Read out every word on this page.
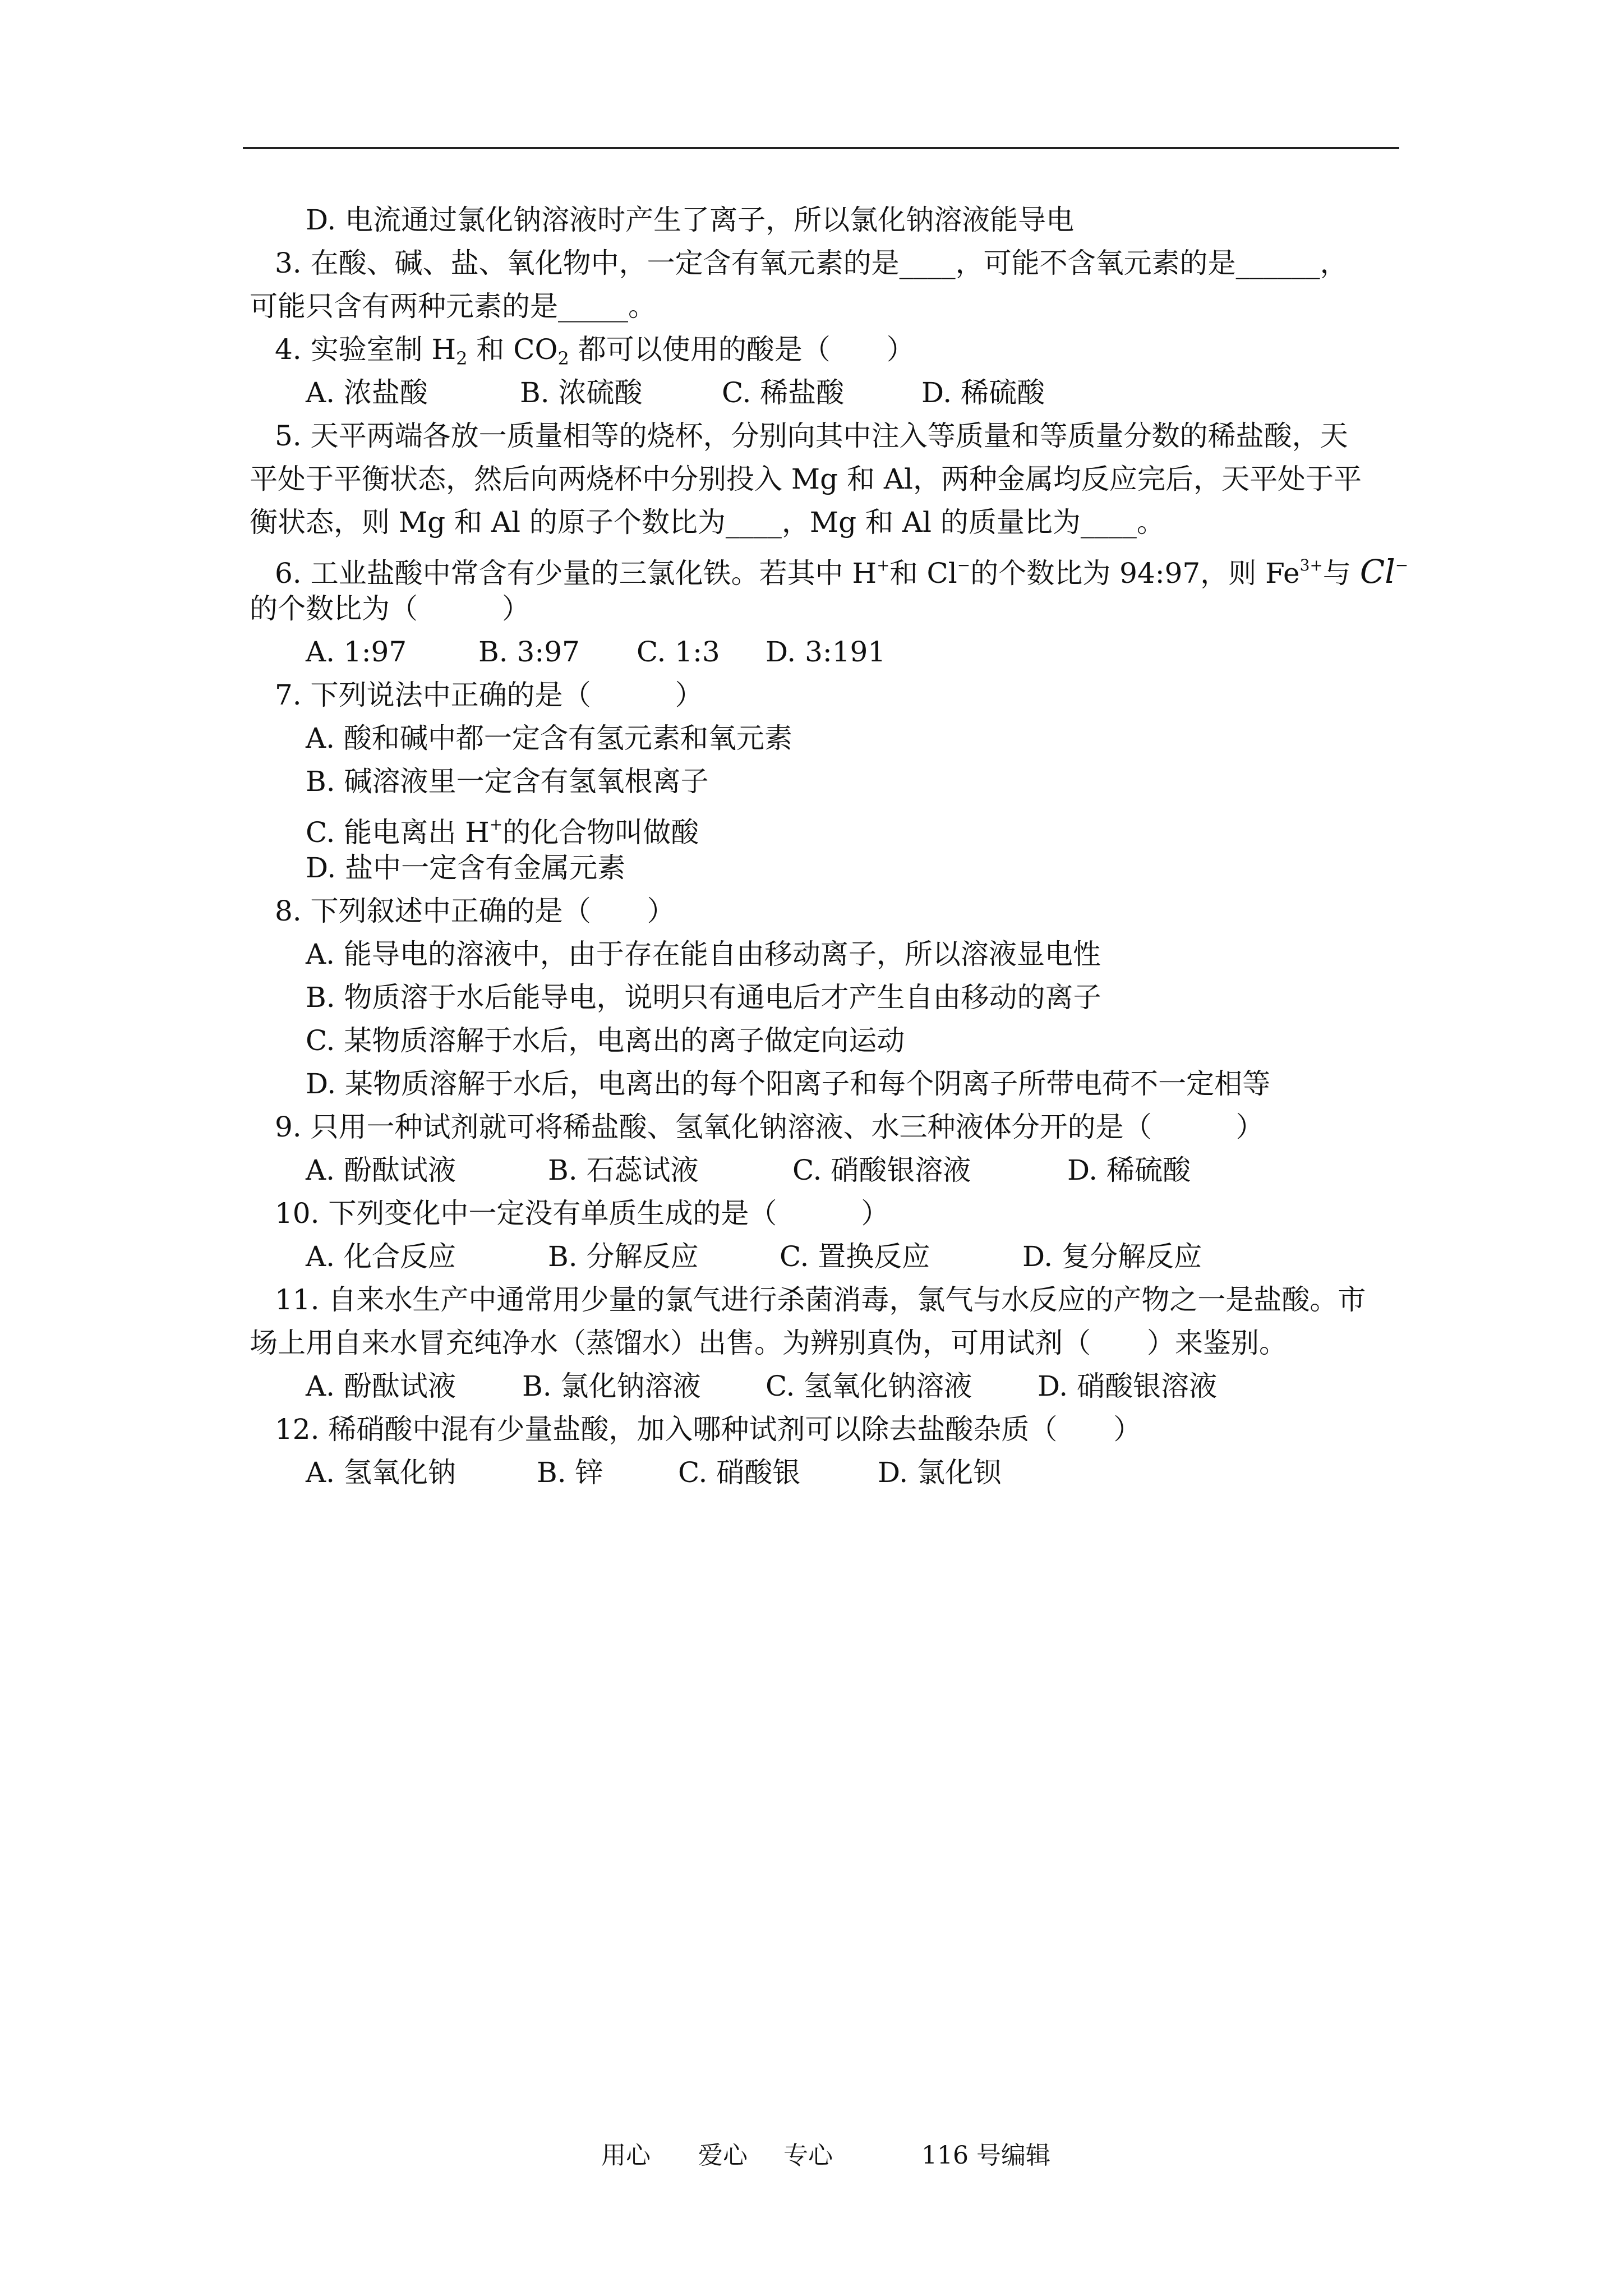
D. 电流通过氯化钠溶液时产生了离子，所以氯化钠溶液能导电
3. 在酸、碱、盐、氧化物中，一定含有氧元素的是____，可能不含氧元素的是______，
可能只含有两种元素的是_____。
4. 实验室制 $H_2$ 和 $CO_2$ 都可以使用的酸是（　　）
A. 浓盐酸	B. 浓硫酸	C. 稀盐酸	D. 稀硫酸
5. 天平两端各放一质量相等的烧杯，分别向其中注入等质量和等质量分数的稀盐酸，天
平处于平衡状态，然后向两烧杯中分别投入 Mg 和 Al，两种金属均反应完后，天平处于平
衡状态，则 Mg 和 Al 的原子个数比为____，Mg 和 Al 的质量比为____。
6. 工业盐酸中常含有少量的三氯化铁。若其中 H+和 Cl−的个数比为 94:97，则 $Fe^{3+}$与 Cl−
的个数比为（　　　）
A. 1:97	B. 3:97 C. 1:3 D. 3:191
7. 下列说法中正确的是（　　　）
A. 酸和碱中都一定含有氢元素和氧元素
B. 碱溶液里一定含有氢氧根离子
C. 能电离出 H+的化合物叫做酸
D. 盐中一定含有金属元素
8. 下列叙述中正确的是（　　）
A. 能导电的溶液中，由于存在能自由移动离子，所以溶液显电性
B. 物质溶于水后能导电，说明只有通电后才产生自由移动的离子
C. 某物质溶解于水后，电离出的离子做定向运动
D. 某物质溶解于水后，电离出的每个阳离子和每个阴离子所带电荷不一定相等
9. 只用一种试剂就可将稀盐酸、氢氧化钠溶液、水三种液体分开的是（　　　）
A. 酚酞试液	B. 石蕊试液	C. 硝酸银溶液	D. 稀硫酸
10. 下列变化中一定没有单质生成的是（　　　）
A. 化合反应	B. 分解反应	C. 置换反应	D. 复分解反应
11. 自来水生产中通常用少量的氯气进行杀菌消毒，氯气与水反应的产物之一是盐酸。市
场上用自来水冒充纯净水（蒸馏水）出售。为辨别真伪，可用试剂（　　）来鉴别。
A. 酚酞试液 B. 氯化钠溶液 C. 氢氧化钠溶液 D. 硝酸银溶液
12. 稀硝酸中混有少量盐酸，加入哪种试剂可以除去盐酸杂质（　　）
A. 氢氧化钠	B. 锌	C. 硝酸银	D. 氯化钡
用心 爱心 专心	116 号编辑
